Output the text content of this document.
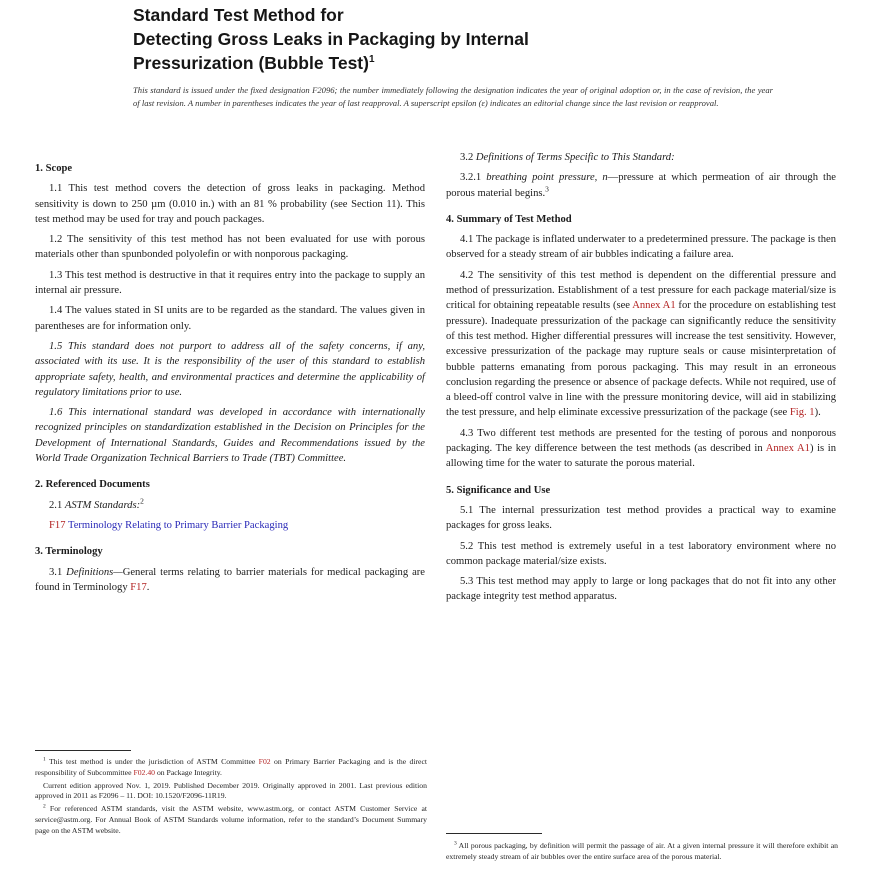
Standard Test Method for
Detecting Gross Leaks in Packaging by Internal
Pressurization (Bubble Test)$^1$
This standard is issued under the fixed designation F2096; the number immediately following the designation indicates the year of original adoption or, in the case of revision, the year of last revision. A number in parentheses indicates the year of last reapproval. A superscript epsilon (ε) indicates an editorial change since the last revision or reapproval.

1. Scope

1.1 This test method covers the detection of gross leaks in packaging. Method sensitivity is down to 250 µm (0.010 in.) with an 81 % probability (see Section 11). This test method may be used for tray and pouch packages.

1.2 The sensitivity of this test method has not been evaluated for use with porous materials other than spunbonded polyolefin or with nonporous packaging.

1.3 This test method is destructive in that it requires entry into the package to supply an internal air pressure.

1.4 The values stated in SI units are to be regarded as the standard. The values given in parentheses are for information only.

1.5 This standard does not purport to address all of the safety concerns, if any, associated with its use. It is the responsibility of the user of this standard to establish appropriate safety, health, and environmental practices and determine the applicability of regulatory limitations prior to use.

1.6 This international standard was developed in accordance with internationally recognized principles on standardization established in the Decision on Principles for the Development of International Standards, Guides and Recommendations issued by the World Trade Organization Technical Barriers to Trade (TBT) Committee.

2. Referenced Documents

2.1 ASTM Standards:$^2$

F17 Terminology Relating to Primary Barrier Packaging

3. Terminology

3.1 Definitions—General terms relating to barrier materials for medical packaging are found in Terminology F17.

3.2 Definitions of Terms Specific to This Standard:

3.2.1 breathing point pressure, n—pressure at which permeation of air through the porous material begins.$^3$

4. Summary of Test Method

4.1 The package is inflated underwater to a predetermined pressure. The package is then observed for a steady stream of air bubbles indicating a failure area.

4.2 The sensitivity of this test method is dependent on the differential pressure and method of pressurization. Establishment of a test pressure for each package material/size is critical for obtaining repeatable results (see Annex A1 for the procedure on establishing test pressure). Inadequate pressurization of the package can significantly reduce the sensitivity of this test method. Higher differential pressures will increase the test sensitivity. However, excessive pressurization of the package may rupture seals or cause misinterpretation of bubble patterns emanating from porous packaging. This may result in an erroneous conclusion regarding the presence or absence of package defects. While not required, use of a bleed-off control valve in line with the pressure monitoring device, will aid in stabilizing the test pressure, and help eliminate excessive pressurization of the package (see Fig. 1).

4.3 Two different test methods are presented for the testing of porous and nonporous packaging. The key difference between the test methods (as described in Annex A1) is in allowing time for the water to saturate the porous material.

5. Significance and Use

5.1 The internal pressurization test method provides a practical way to examine packages for gross leaks.

5.2 This test method is extremely useful in a test laboratory environment where no common package material/size exists.

5.3 This test method may apply to large or long packages that do not fit into any other package integrity test method apparatus.

$^1$ This test method is under the jurisdiction of ASTM Committee F02 on Primary Barrier Packaging and is the direct responsibility of Subcommittee F02.40 on Package Integrity.

Current edition approved Nov. 1, 2019. Published December 2019. Originally approved in 2001. Last previous edition approved in 2011 as F2096 – 11. DOI: 10.1520/F2096-11R19.

$^2$ For referenced ASTM standards, visit the ASTM website, www.astm.org, or contact ASTM Customer Service at service@astm.org. For Annual Book of ASTM Standards volume information, refer to the standard’s Document Summary page on the ASTM website.

$^3$ All porous packaging, by definition will permit the passage of air. At a given internal pressure it will therefore exhibit an extremely steady stream of air bubbles over the entire surface area of the porous material.
